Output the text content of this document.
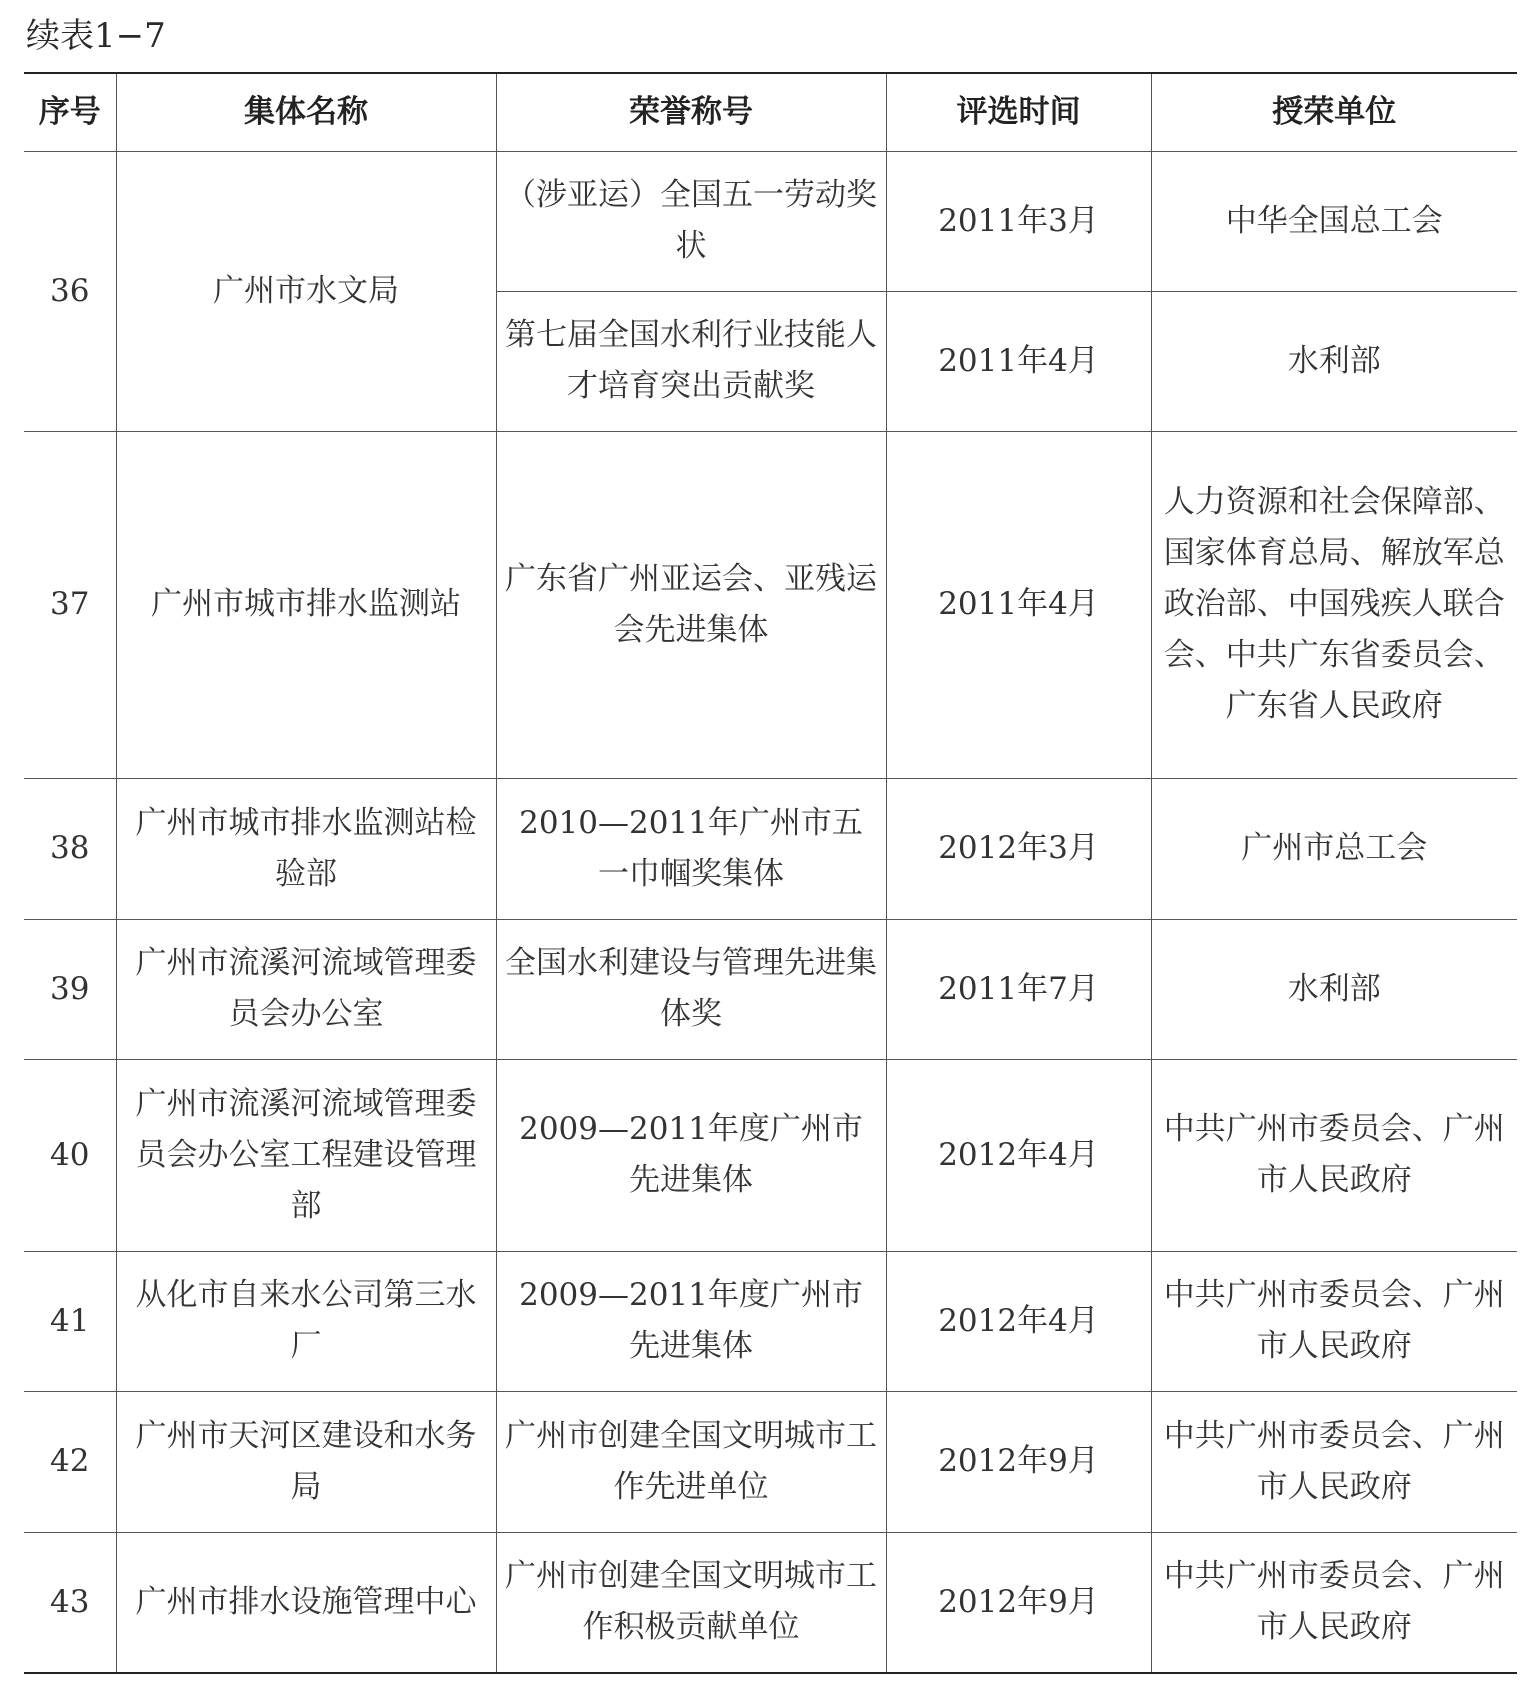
续表1−7
序号	集体名称	荣誉称号	评选时间	授荣单位
36	广州市水文局	（涉亚运）全国五一劳动奖状	2011年3月	中华全国总工会
		第七届全国水利行业技能人才培育突出贡献奖	2011年4月	水利部
37	广州市城市排水监测站	广东省广州亚运会、亚残运会先进集体	2011年4月	人力资源和社会保障部、国家体育总局、解放军总政治部、中国残疾人联合会、中共广东省委员会、广东省人民政府
38	广州市城市排水监测站检验部	2010—2011年广州市五一巾帼奖集体	2012年3月	广州市总工会
39	广州市流溪河流域管理委员会办公室	全国水利建设与管理先进集体奖	2011年7月	水利部
40	广州市流溪河流域管理委员会办公室工程建设管理部	2009—2011年度广州市先进集体	2012年4月	中共广州市委员会、广州市人民政府
41	从化市自来水公司第三水厂	2009—2011年度广州市先进集体	2012年4月	中共广州市委员会、广州市人民政府
42	广州市天河区建设和水务局	广州市创建全国文明城市工作先进单位	2012年9月	中共广州市委员会、广州市人民政府
43	广州市排水设施管理中心	广州市创建全国文明城市工作积极贡献单位	2012年9月	中共广州市委员会、广州市人民政府
